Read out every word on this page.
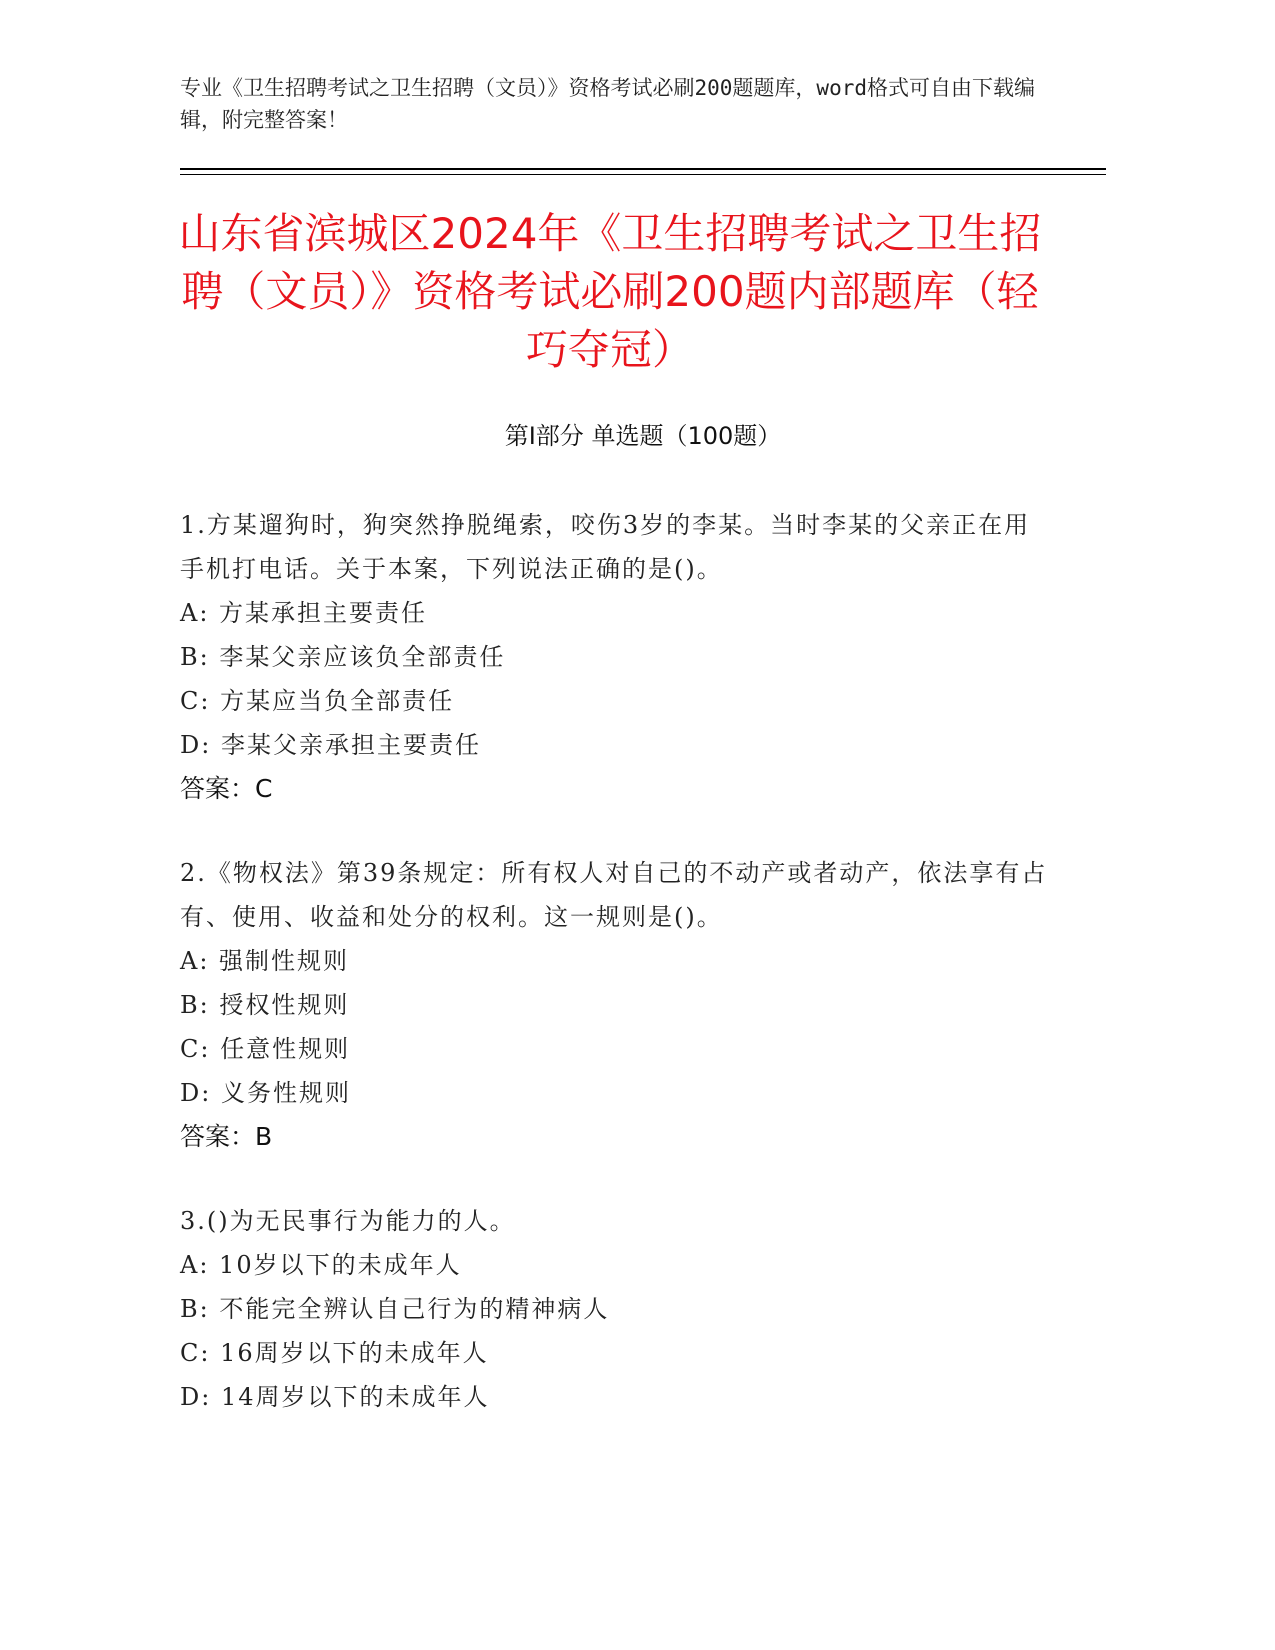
专业《卫生招聘考试之卫生招聘（文员）》资格考试必刷200题题库，word格式可自由下载编辑，附完整答案！
山东省滨城区2024年《卫生招聘考试之卫生招聘（文员）》资格考试必刷200题内部题库（轻巧夺冠）
第Ⅰ部分 单选题（100题）
1.方某遛狗时，狗突然挣脱绳索，咬伤3岁的李某。当时李某的父亲正在用手机打电话。关于本案，下列说法正确的是()。
A: 方某承担主要责任
B: 李某父亲应该负全部责任
C: 方某应当负全部责任
D: 李某父亲承担主要责任
答案：C
2.《物权法》第39条规定：所有权人对自己的不动产或者动产，依法享有占有、使用、收益和处分的权利。这一规则是()。
A: 强制性规则
B: 授权性规则
C: 任意性规则
D: 义务性规则
答案：B
3.()为无民事行为能力的人。
A: 10岁以下的未成年人
B: 不能完全辨认自己行为的精神病人
C: 16周岁以下的未成年人
D: 14周岁以下的未成年人
